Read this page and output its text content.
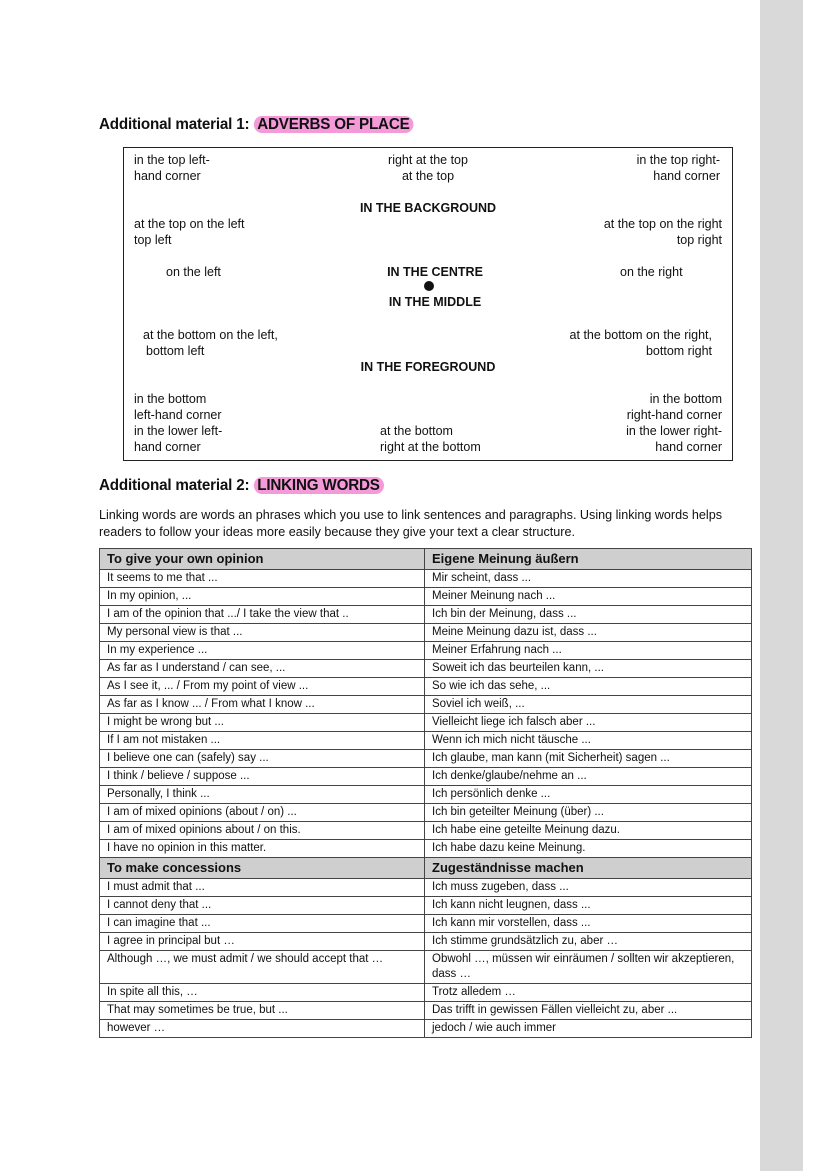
Additional material 1: ADVERBS OF PLACE
in the top left-
hand corner
right at the top
at the top
in the top right-
hand corner
IN THE BACKGROUND
at the top on the left
top left
at the top on the right
top right
on the left	IN THE CENTRE
IN THE MIDDLE
on the right
at the bottom on the left,
bottom left
at the bottom on the right,
bottom right
IN THE FOREGROUND
in the bottom
left-hand corner
in the lower left-
hand corner
at the bottom
right at the bottom
in the bottom
right-hand corner
in the lower right-
hand corner
Additional material 2: LINKING WORDS
Linking words are words an phrases which you use to link sentences and paragraphs. Using linking words helps readers to follow your ideas more easily because they give your text a clear structure.
To give your own opinion	Eigene Meinung äußern
It seems to me that ...	Mir scheint, dass ...
In my opinion, ...	Meiner Meinung nach ...
I am of the opinion that .../ I take the view that ..	Ich bin der Meinung, dass ...
My personal view is that ...	Meine Meinung dazu ist, dass ...
In my experience ...	Meiner Erfahrung nach ...
As far as I understand / can see, ...	Soweit ich das beurteilen kann, ...
As I see it, ... / From my point of view ...	So wie ich das sehe, ...
As far as I know ... / From what I know ...	Soviel ich weiß, ...
I might be wrong but ...	Vielleicht liege ich falsch aber ...
If I am not mistaken ...	Wenn ich mich nicht täusche ...
I believe one can (safely) say ...	Ich glaube, man kann (mit Sicherheit) sagen ...
I think / believe / suppose ...	Ich denke/glaube/nehme an ...
Personally, I think ...	Ich persönlich denke ...
I am of mixed opinions (about / on) ...	Ich bin geteilter Meinung (über) ...
I am of mixed opinions about / on this.	Ich habe eine geteilte Meinung dazu.
I have no opinion in this matter.	Ich habe dazu keine Meinung.
To make concessions	Zugeständnisse machen
I must admit that ...	Ich muss zugeben, dass ...
I cannot deny that ...	Ich kann nicht leugnen, dass ...
I can imagine that ...	Ich kann mir vorstellen, dass ...
I agree in principal but …	Ich stimme grundsätzlich zu, aber …
Although …, we must admit / we should accept that …	Obwohl …, müssen wir einräumen / sollten wir akzeptieren, dass …
In spite all this, …	Trotz alledem …
That may sometimes be true, but ...	Das trifft in gewissen Fällen vielleicht zu, aber ...
however …	jedoch / wie auch immer
